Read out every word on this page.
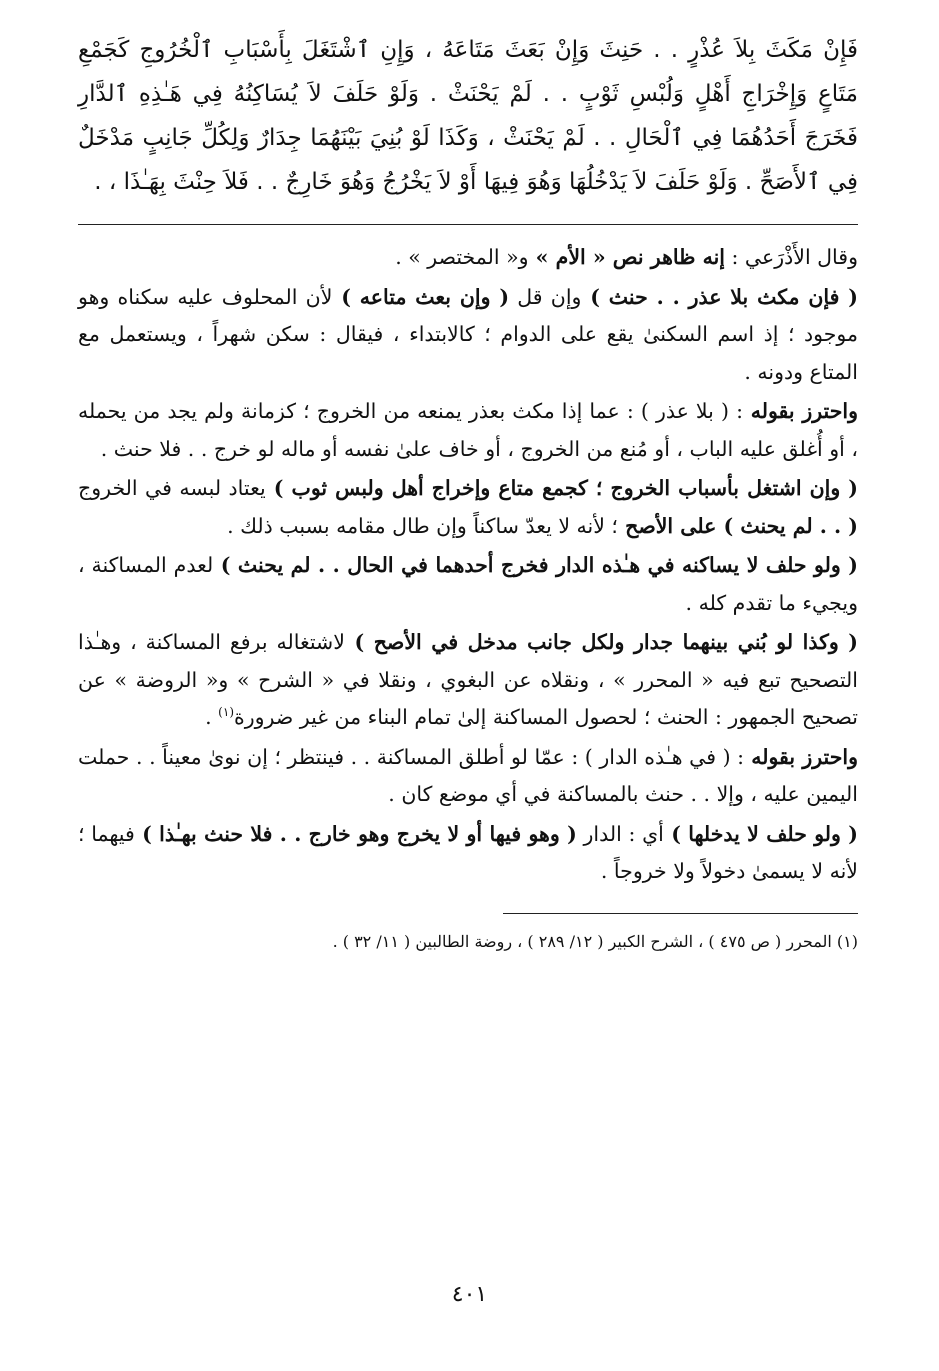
فَإِنْ مَكَثَ بِلاَ عُذْرٍ . . حَنِثَ وَإِنْ بَعَثَ مَتَاعَهُ ، وَإِنِ ٱشْتَغَلَ بِأَسْبَابِ ٱلْخُرُوجِ كَجَمْعِ مَتَاعٍ وَإِخْرَاجِ أَهْلٍ وَلُبْسِ ثَوْبٍ . . لَمْ يَحْنَثْ . وَلَوْ حَلَفَ لاَ يُسَاكِنُهُ فِي هَـٰذِهِ ٱلدَّارِ فَخَرَجَ أَحَدُهُمَا فِي ٱلْحَالِ . . لَمْ يَحْنَثْ ، وَكَذَا لَوْ بُنِيَ بَيْنَهُمَا جِدَارٌ وَلِكُلِّ جَانِبٍ مَدْخَلٌ فِي ٱلأَصَحِّ . وَلَوْ حَلَفَ لاَ يَدْخُلُهَا وَهُوَ فِيهَا أَوْ لاَ يَخْرُجُ وَهُوَ خَارِجٌ . . فَلاَ حِنْثَ بِهَـٰذَا ، .

وقال الأَذْرَعي : إنه ظاهر نص « الأم » و« المختصر » .

( فإن مكث بلا عذر . . حنث ) وإن قل ( وإن بعث متاعه ) لأن المحلوف عليه سكناه وهو موجود ؛ إذ اسم السكنىٰ يقع على الدوام ؛ كالابتداء ، فيقال : سكن شهراً ، ويستعمل مع المتاع ودونه .

واحترز بقوله : ( بلا عذر ) : عما إذا مكث بعذر يمنعه من الخروج ؛ كزمانة ولم يجد من يحمله ، أو أُغلق عليه الباب ، أو مُنع من الخروج ، أو خاف علىٰ نفسه أو ماله لو خرج . . فلا حنث .

( وإن اشتغل بأسباب الخروج ؛ كجمع متاع وإخراج أهل ولبس ثوب ) يعتاد لبسه في الخروج ( . . لم يحنث ) على الأصح ؛ لأنه لا يعدّ ساكناً وإن طال مقامه بسبب ذلك .

( ولو حلف لا يساكنه في هـٰذه الدار فخرج أحدهما في الحال . . لم يحنث ) لعدم المساكنة ، ويجيء ما تقدم كله .

( وكذا لو بُني بينهما جدار ولكل جانب مدخل في الأصح ) لاشتغاله برفع المساكنة ، وهـٰذا التصحيح تبع فيه « المحرر » ، ونقلاه عن البغوي ، ونقلا في « الشرح » و« الروضة » عن تصحيح الجمهور : الحنث ؛ لحصول المساكنة إلىٰ تمام البناء من غير ضرورة$^{(١)}$ .

واحترز بقوله : ( في هـٰذه الدار ) : عمّا لو أطلق المساكنة . . فينتظر ؛ إن نوىٰ معيناً . . حملت اليمين عليه ، وإلا . . حنث بالمساكنة في أي موضع كان .

( ولو حلف لا يدخلها ) أي : الدار ( وهو فيها أو لا يخرج وهو خارج . . فلا حنث بهـٰذا ) فيهما ؛ لأنه لا يسمىٰ دخولاً ولا خروجاً .

(١) المحرر ( ص ٤٧٥ ) ، الشرح الكبير ( ١٢/ ٢٨٩ ) ، روضة الطالبين ( ١١/ ٣٢ ) .

٤٠١
